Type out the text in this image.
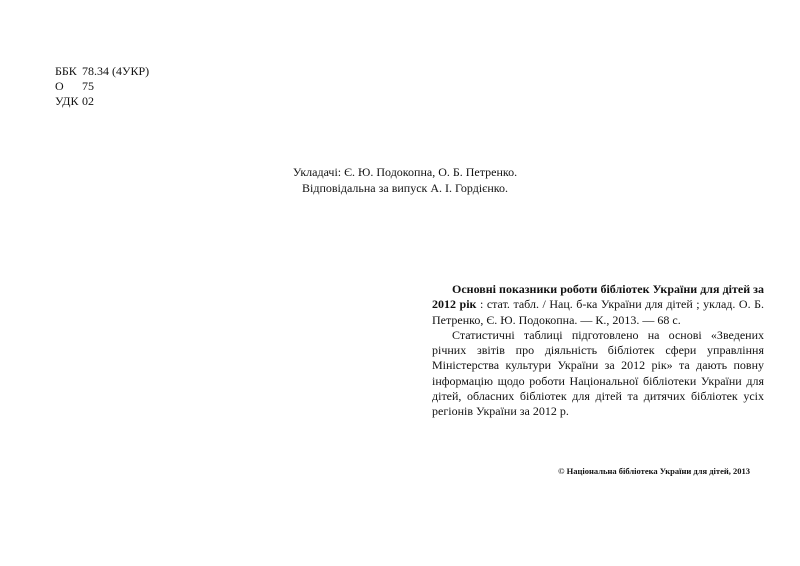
ББК 78.34 (4УКР)
О	75
УДК 02

Укладачі: Є. Ю. Подокопна, О. Б. Петренко.

Відповідальна за випуск А. І. Гордієнко.

Основні показники роботи бібліотек України для дітей за 2012 рік : стат. табл. / Нац. б-ка України для дітей ; уклад. О. Б. Петренко, Є. Ю. Подокопна. — К., 2013. — 68 с.

Статистичні таблиці підготовлено на основі «Зведених річних звітів про діяльність бібліотек сфери управління Міністерства культури України за 2012 рік» та дають повну інформацію щодо роботи Національної бібліотеки України для дітей, обласних бібліотек для дітей та дитячих бібліотек усіх регіонів України за 2012 р.

© Національна бібліотека України для дітей, 2013
